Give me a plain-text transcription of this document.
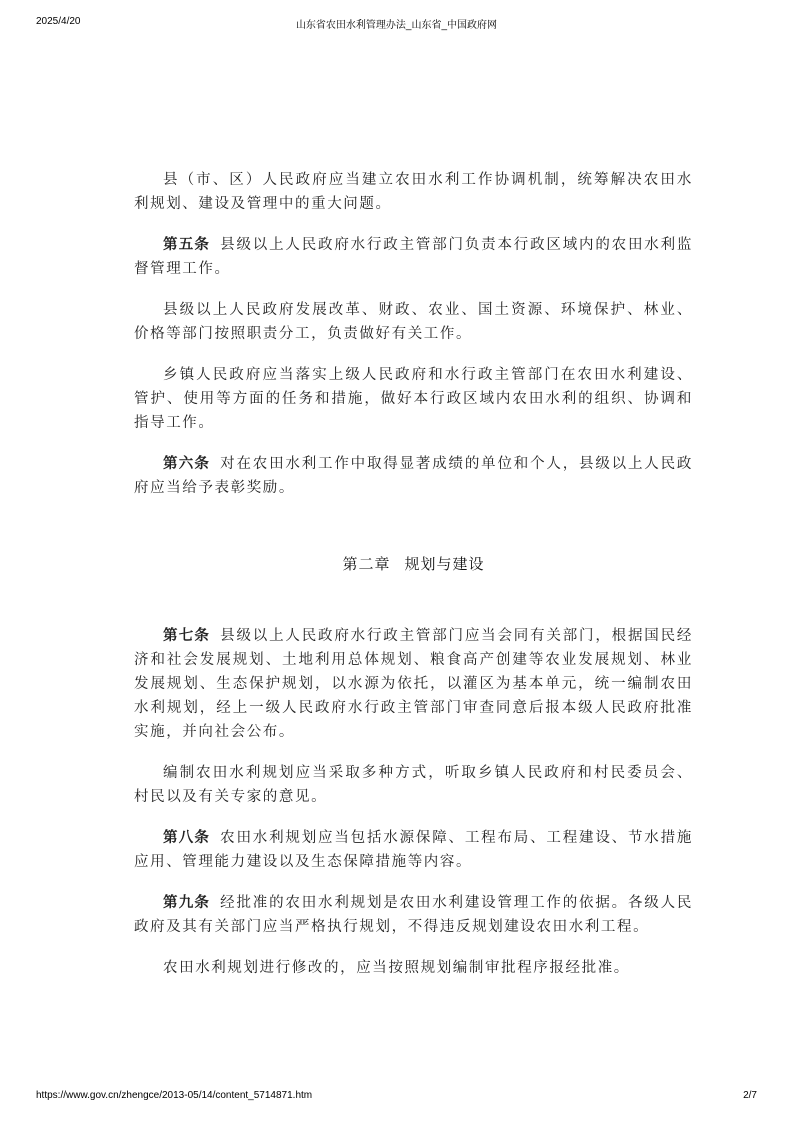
2025/4/20	山东省农田水利管理办法_山东省_中国政府网

县（市、区）人民政府应当建立农田水利工作协调机制，统筹解决农田水利规划、建设及管理中的重大问题。

第五条 县级以上人民政府水行政主管部门负责本行政区域内的农田水利监督管理工作。

县级以上人民政府发展改革、财政、农业、国土资源、环境保护、林业、价格等部门按照职责分工，负责做好有关工作。

乡镇人民政府应当落实上级人民政府和水行政主管部门在农田水利建设、管护、使用等方面的任务和措施，做好本行政区域内农田水利的组织、协调和指导工作。

第六条 对在农田水利工作中取得显著成绩的单位和个人，县级以上人民政府应当给予表彰奖励。

第二章 规划与建设

第七条 县级以上人民政府水行政主管部门应当会同有关部门，根据国民经济和社会发展规划、土地利用总体规划、粮食高产创建等农业发展规划、林业发展规划、生态保护规划，以水源为依托，以灌区为基本单元，统一编制农田水利规划，经上一级人民政府水行政主管部门审查同意后报本级人民政府批准实施，并向社会公布。

编制农田水利规划应当采取多种方式，听取乡镇人民政府和村民委员会、村民以及有关专家的意见。

第八条 农田水利规划应当包括水源保障、工程布局、工程建设、节水措施应用、管理能力建设以及生态保障措施等内容。

第九条 经批准的农田水利规划是农田水利建设管理工作的依据。各级人民政府及其有关部门应当严格执行规划，不得违反规划建设农田水利工程。

农田水利规划进行修改的，应当按照规划编制审批程序报经批准。

https://www.gov.cn/zhengce/2013-05/14/content_5714871.htm	2/7
